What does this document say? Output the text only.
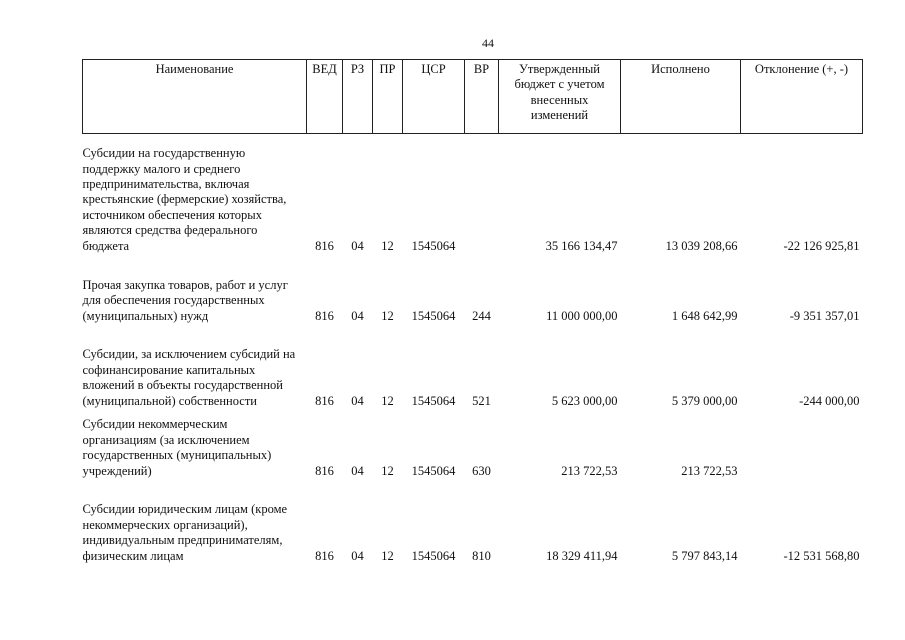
44
Наименование	ВЕД	РЗ	ПР	ЦСР	ВР	Утвержденный бюджет с учетом внесенных изменений	Исполнено	Отклонение (+, -)
Субсидии на государственную поддержку малого и среднего предпринимательства, включая крестьянские (фермерские) хозяйства, источником обеспечения которых являются средства федерального бюджета	816	04	12	1545064		35 166 134,47	13 039 208,66	-22 126 925,81
Прочая закупка товаров, работ и услуг для обеспечения государственных (муниципальных) нужд	816	04	12	1545064	244	11 000 000,00	1 648 642,99	-9 351 357,01
Субсидии, за исключением субсидий на софинансирование капитальных вложений в объекты государственной (муниципальной) собственности	816	04	12	1545064	521	5 623 000,00	5 379 000,00	-244 000,00
Субсидии некоммерческим организациям (за исключением государственных (муниципальных) учреждений)	816	04	12	1545064	630	213 722,53	213 722,53	
Субсидии юридическим лицам (кроме некоммерческих организаций), индивидуальным предпринимателям, физическим лицам	816	04	12	1545064	810	18 329 411,94	5 797 843,14	-12 531 568,80
